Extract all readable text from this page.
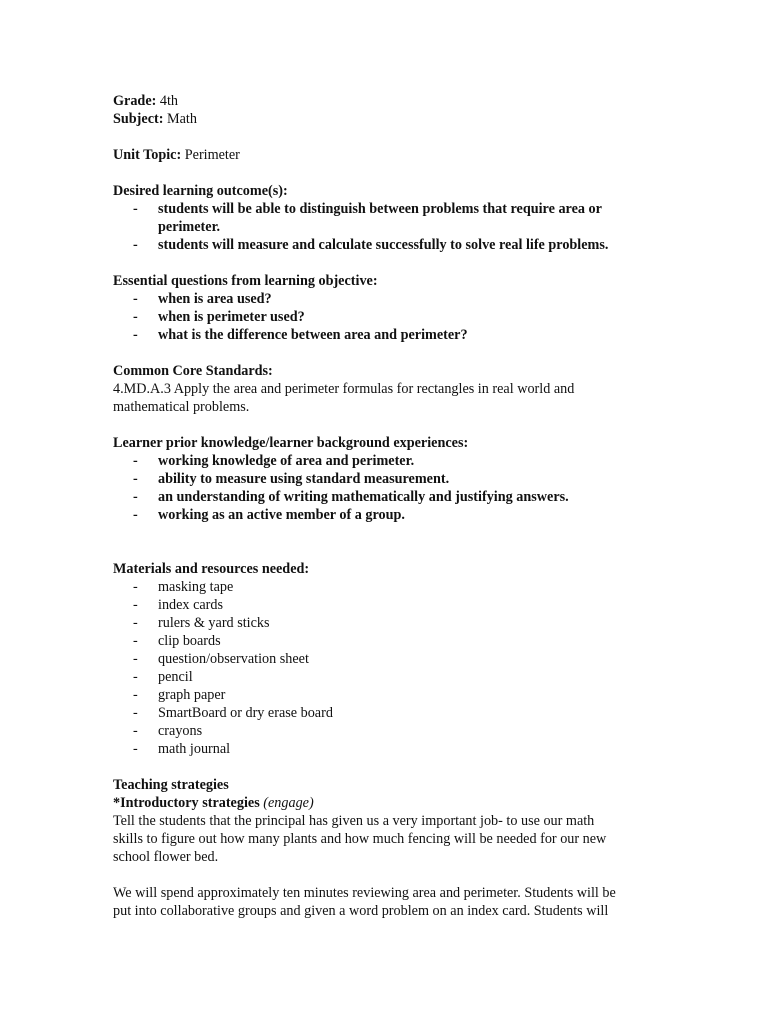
Grade: 4th

Subject: Math

Unit Topic: Perimeter

Desired learning outcome(s):

- students will be able to distinguish between problems that require area or
perimeter.
- students will measure and calculate successfully to solve real life problems.

Essential questions from learning objective:

- when is area used?
- when is perimeter used?
- what is the difference between area and perimeter?

Common Core Standards:

4.MD.A.3 Apply the area and perimeter formulas for rectangles in real world and

mathematical problems.

Learner prior knowledge/learner background experiences:

- working knowledge of area and perimeter.
- ability to measure using standard measurement.
- an understanding of writing mathematically and justifying answers.
- working as an active member of a group.

Materials and resources needed:

- masking tape
- index cards
- rulers & yard sticks
- clip boards
- question/observation sheet
- pencil
- graph paper
- SmartBoard or dry erase board
- crayons
- math journal

Teaching strategies

*Introductory strategies (engage)

Tell the students that the principal has given us a very important job- to use our math

skills to figure out how many plants and how much fencing will be needed for our new

school flower bed.

We will spend approximately ten minutes reviewing area and perimeter. Students will be

put into collaborative groups and given a word problem on an index card. Students will
